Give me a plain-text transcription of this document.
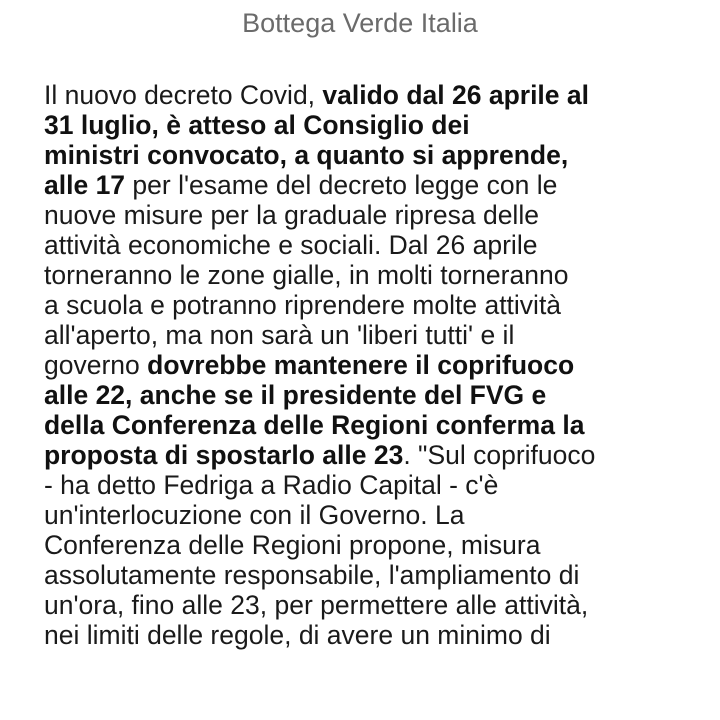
Bottega Verde Italia
Il nuovo decreto Covid, valido dal 26 aprile al
31 luglio, è atteso al Consiglio dei
ministri convocato, a quanto si apprende,
alle 17 per l'esame del decreto legge con le
nuove misure per la graduale ripresa delle
attività economiche e sociali. Dal 26 aprile
torneranno le zone gialle, in molti torneranno
a scuola e potranno riprendere molte attività
all'aperto, ma non sarà un 'liberi tutti' e il
governo dovrebbe mantenere il coprifuoco
alle 22, anche se il presidente del FVG e
della Conferenza delle Regioni conferma la
proposta di spostarlo alle 23. "Sul coprifuoco
- ha detto Fedriga a Radio Capital - c'è
un'interlocuzione con il Governo. La
Conferenza delle Regioni propone, misura
assolutamente responsabile, l'ampliamento di
un'ora, fino alle 23, per permettere alle attività,
nei limiti delle regole, di avere un minimo di
